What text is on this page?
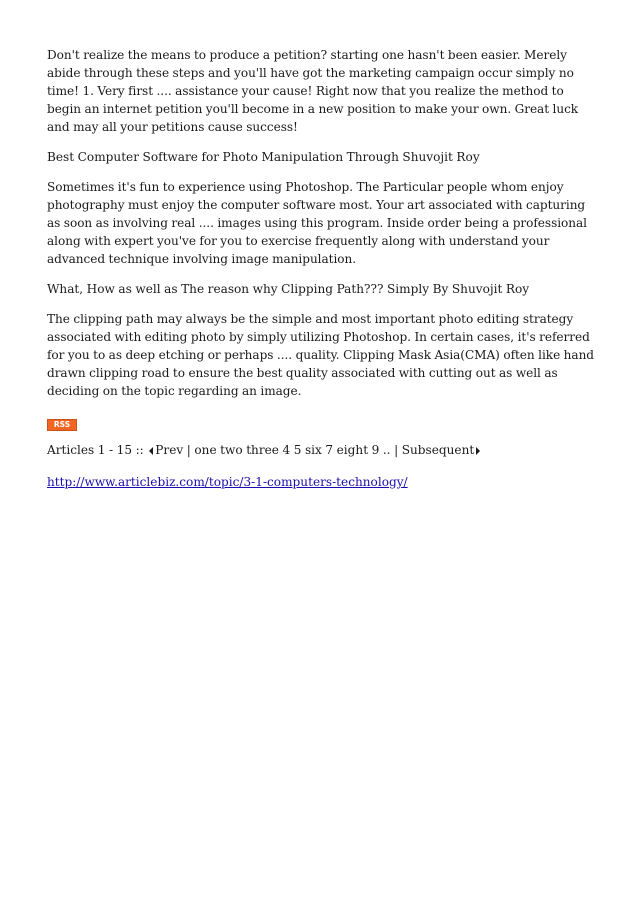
Don't realize the means to produce a petition? starting one hasn't been easier. Merely abide through these steps and you'll have got the marketing campaign occur simply no time! 1. Very first .... assistance your cause! Right now that you realize the method to begin an internet petition you'll become in a new position to make your own. Great luck and may all your petitions cause success!

Best Computer Software for Photo Manipulation Through Shuvojit Roy

Sometimes it's fun to experience using Photoshop. The Particular people whom enjoy photography must enjoy the computer software most. Your art associated with capturing as soon as involving real .... images using this program. Inside order being a professional along with expert you've for you to exercise frequently along with understand your advanced technique involving image manipulation.

What, How as well as The reason why Clipping Path??? Simply By Shuvojit Roy

The clipping path may always be the simple and most important photo editing strategy associated with editing photo by simply utilizing Photoshop. In certain cases, it's referred for you to as deep etching or perhaps .... quality. Clipping Mask Asia(CMA) often like hand drawn clipping road to ensure the best quality associated with cutting out as well as deciding on the topic regarding an image.

RSS
Articles 1 - 15 :: Prev | one two three 4 5 six 7 eight 9 .. | Subsequent
http://www.articlebiz.com/topic/3-1-computers-technology/
